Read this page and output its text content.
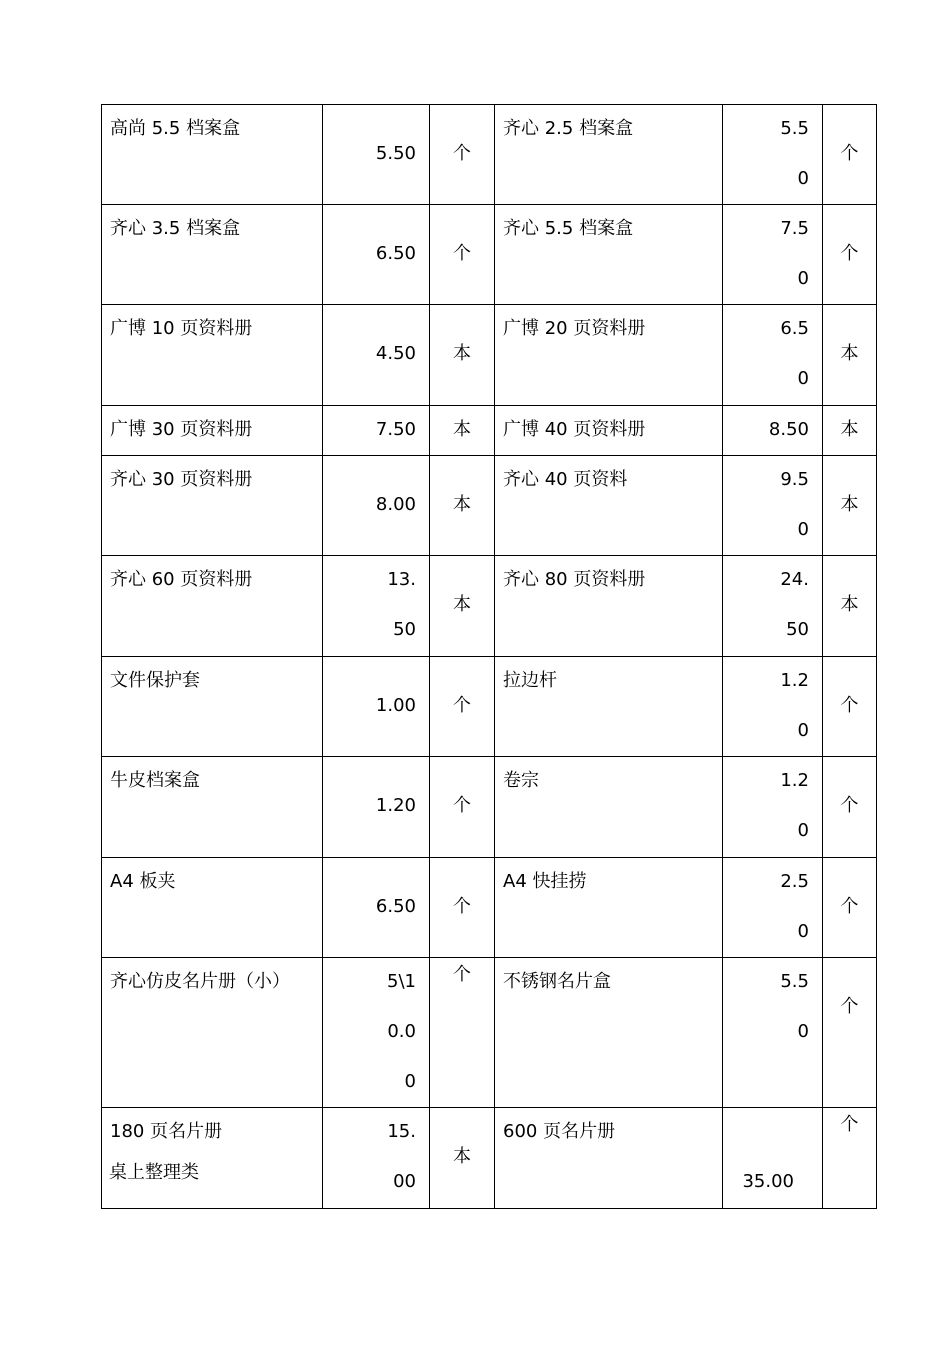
高尚 5.5 档案盒	5.50	个	齐心 2.5 档案盒	5.50	个
齐心 3.5 档案盒	6.50	个	齐心 5.5 档案盒	7.50	个
广博 10 页资料册	4.50	本	广博 20 页资料册	6.50	本
广博 30 页资料册	7.50	本	广博 40 页资料册	8.50	本
齐心 30 页资料册	8.00	本	齐心 40 页资料	9.50	本
齐心 60 页资料册	13.50	本	齐心 80 页资料册	24.50	本
文件保护套	1.00	个	拉边杆	1.20	个
牛皮档案盒	1.20	个	卷宗	1.20	个
A4 板夹	6.50	个	A4 快挂捞	2.50	个
齐心仿皮名片册（小）	5\10.00	个	不锈钢名片盒	5.50	个
180 页名片册	15.00	本	600 页名片册	35.00	个
桌上整理类
